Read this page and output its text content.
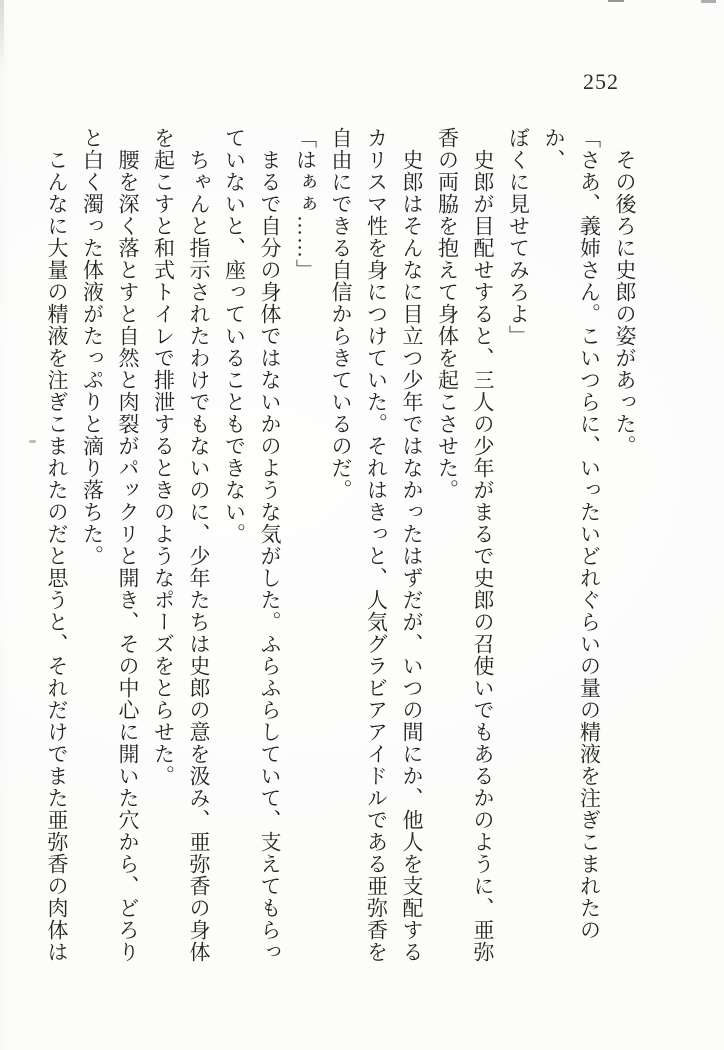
252

　その後ろに史郎の姿があった。

「さあ、義姉さん。こいつらに、いったいどれぐらいの量の精液を注ぎこまれたのか、

ぼくに見せてみろよ」

　史郎が目配せすると、三人の少年がまるで史郎の召使いでもあるかのように、亜弥

香の両脇を抱えて身体を起こさせた。

　史郎はそんなに目立つ少年ではなかったはずだが、いつの間にか、他人を支配する

カリスマ性を身につけていた。それはきっと、人気グラビアアイドルである亜弥香を

自由にできる自信からきているのだ。

「はぁぁ……」

　まるで自分の身体ではないかのような気がした。ふらふらしていて、支えてもらっ

ていないと、座っていることもできない。

　ちゃんと指示されたわけでもないのに、少年たちは史郎の意を汲み、亜弥香の身体

を起こすと和式トイレで排泄するときのようなポーズをとらせた。

　腰を深く落とすと自然と肉裂がパックリと開き、その中心に開いた穴から、どろり

と白く濁った体液がたっぷりと滴り落ちた。

　こんなに大量の精液を注ぎこまれたのだと思うと、それだけでまた亜弥香の肉体は
